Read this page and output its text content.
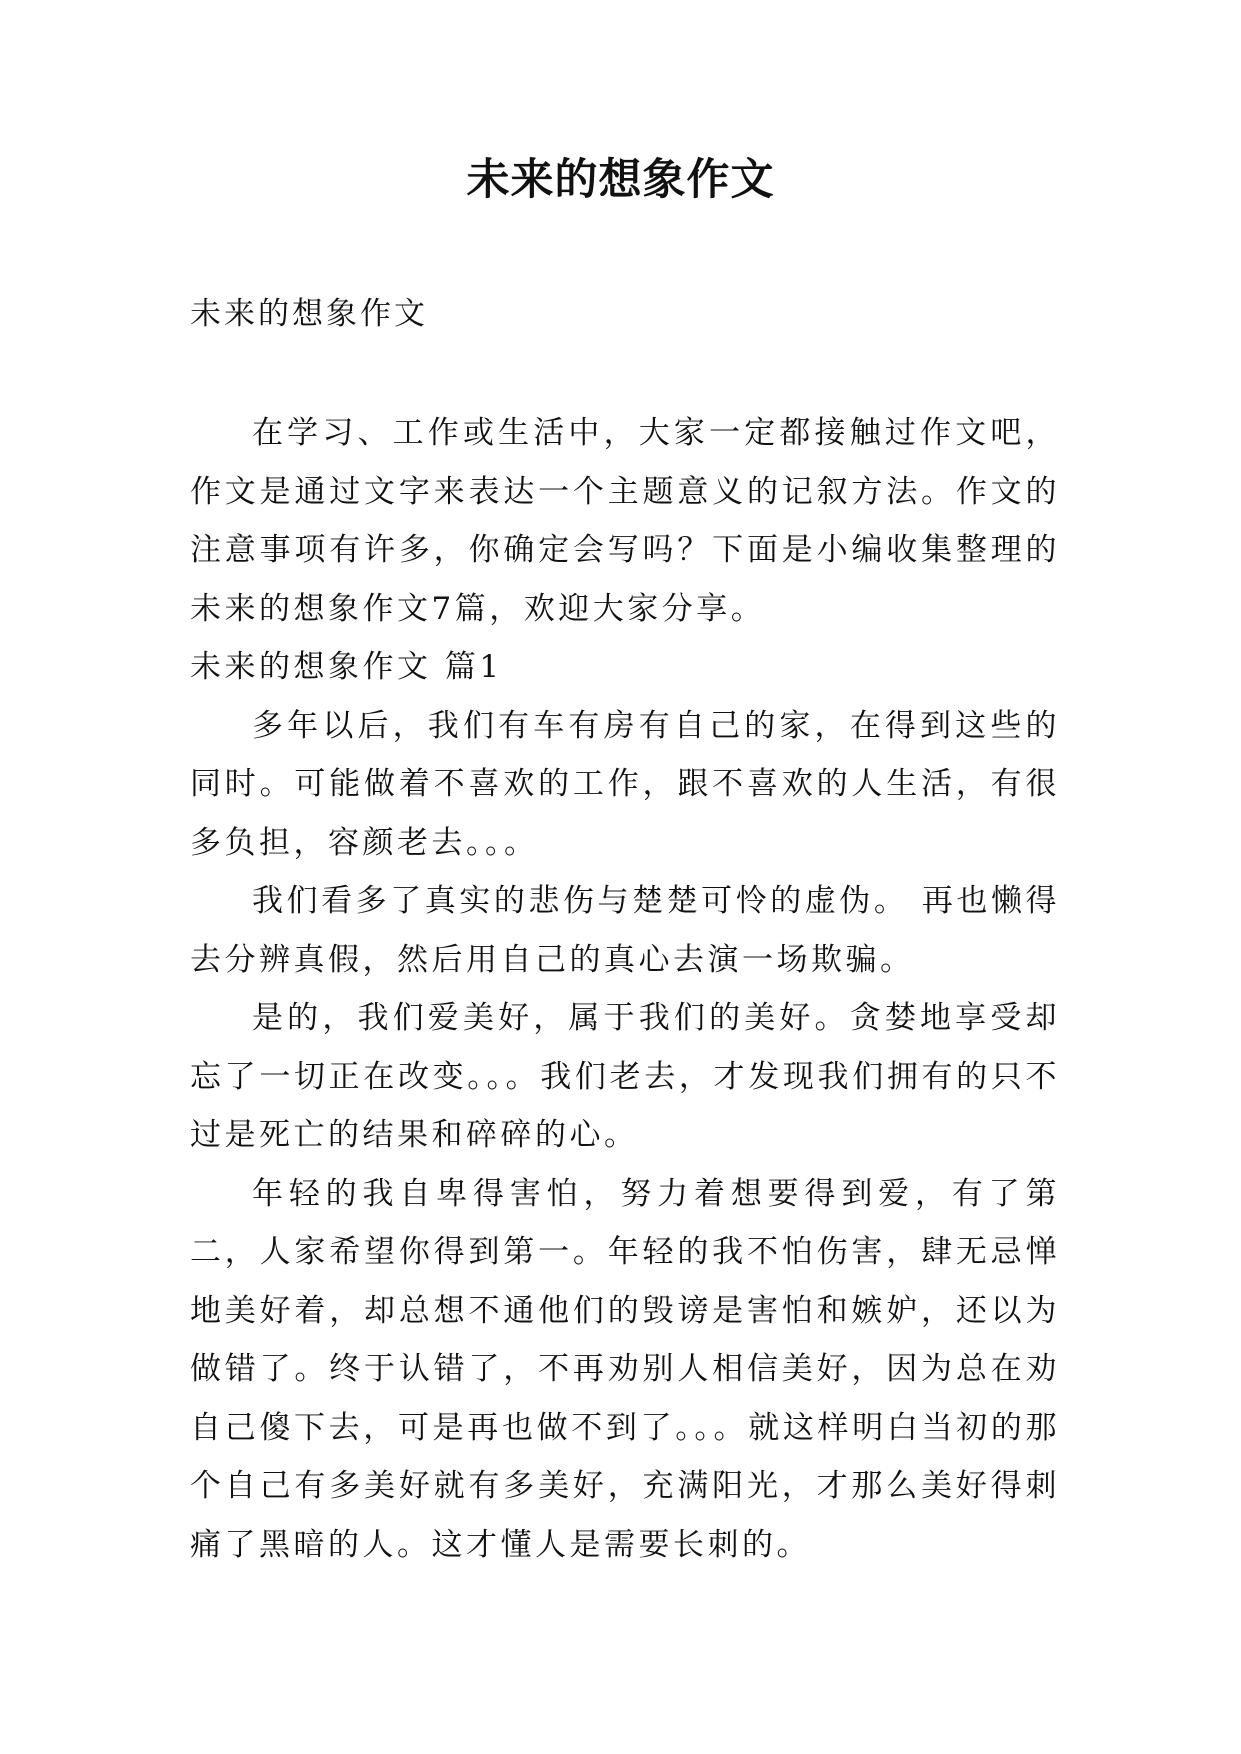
未来的想象作文

未来的想象作文

在学习、工作或生活中，大家一定都接触过作文吧，作文是通过文字来表达一个主题意义的记叙方法。作文的注意事项有许多，你确定会写吗？下面是小编收集整理的未来的想象作文7篇，欢迎大家分享。

未来的想象作文 篇1

多年以后，我们有车有房有自己的家，在得到这些的同时。可能做着不喜欢的工作，跟不喜欢的人生活，有很多负担，容颜老去。。。

我们看多了真实的悲伤与楚楚可怜的虚伪。 再也懒得去分辨真假，然后用自己的真心去演一场欺骗。

是的，我们爱美好，属于我们的美好。贪婪地享受却忘了一切正在改变。。。我们老去，才发现我们拥有的只不过是死亡的结果和碎碎的心。

年轻的我自卑得害怕，努力着想要得到爱，有了第二，人家希望你得到第一。年轻的我不怕伤害，肆无忌惮地美好着，却总想不通他们的毁谤是害怕和嫉妒，还以为做错了。终于认错了，不再劝别人相信美好，因为总在劝自己傻下去，可是再也做不到了。。。就这样明白当初的那个自己有多美好就有多美好，充满阳光，才那么美好得刺痛了黑暗的人。这才懂人是需要长刺的。
